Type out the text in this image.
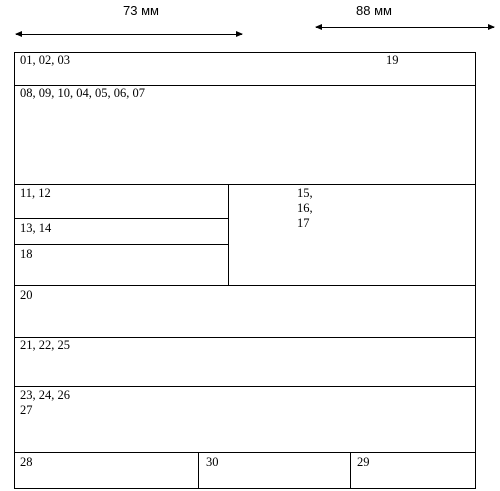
73 мм	88 мм
01, 02, 03	19
08, 09, 10, 04, 05, 06, 07
11, 12
13, 14
18
15,
16,
17
20
21, 22, 25
23, 24, 26
27
28	30	29
